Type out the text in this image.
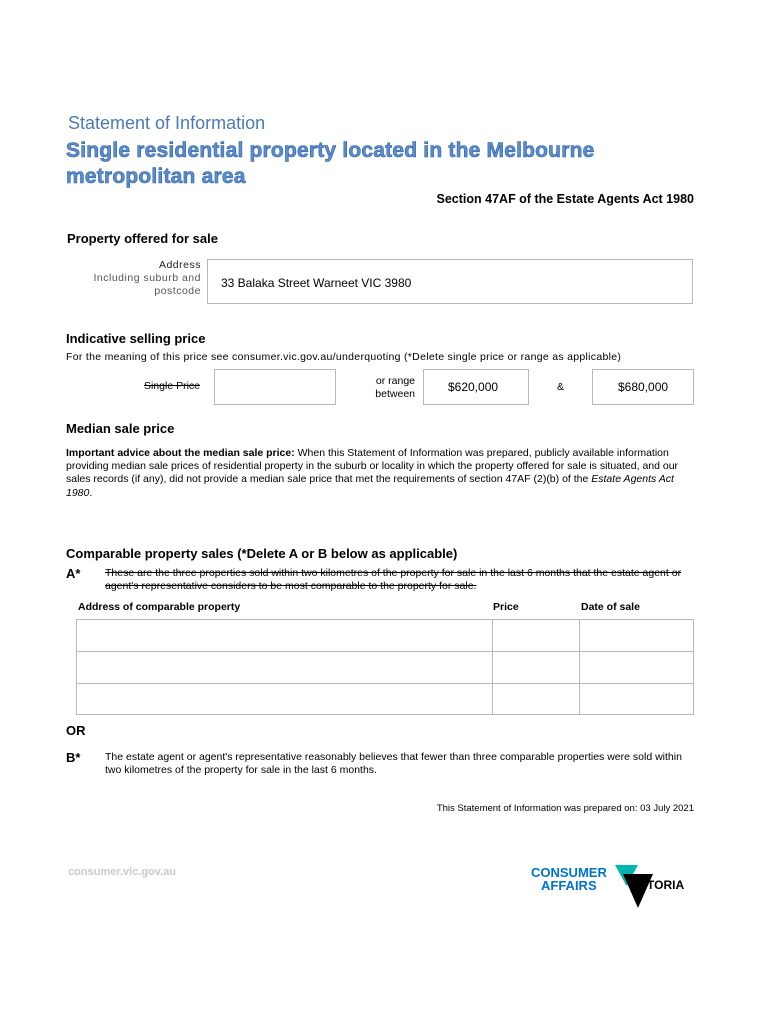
Statement of Information
Single residential property located in the Melbourne metropolitan area
Section 47AF of the Estate Agents Act 1980
Property offered for sale
Address
Including suburb and
postcode
33 Balaka Street Warneet VIC 3980
Indicative selling price
For the meaning of this price see consumer.vic.gov.au/underquoting (*Delete single price or range as applicable)
Single Price	or range
between	$620,000	&	$680,000
Median sale price
Important advice about the median sale price: When this Statement of Information was prepared, publicly available information providing median sale prices of residential property in the suburb or locality in which the property offered for sale is situated, and our sales records (if any), did not provide a median sale price that met the requirements of section 47AF (2)(b) of the Estate Agents Act 1980.
Comparable property sales (*Delete A or B below as applicable)
A* These are the three properties sold within two kilometres of the property for sale in the last 6 months that the estate agent or agent's representative considers to be most comparable to the property for sale.
Address of comparable property	Price	Date of sale
OR
B* The estate agent or agent's representative reasonably believes that fewer than three comparable properties were sold within two kilometres of the property for sale in the last 6 months.
This Statement of Information was prepared on: 03 July 2021
consumer.vic.gov.au	CONSUMER
AFFAIRS	VICTORIA
